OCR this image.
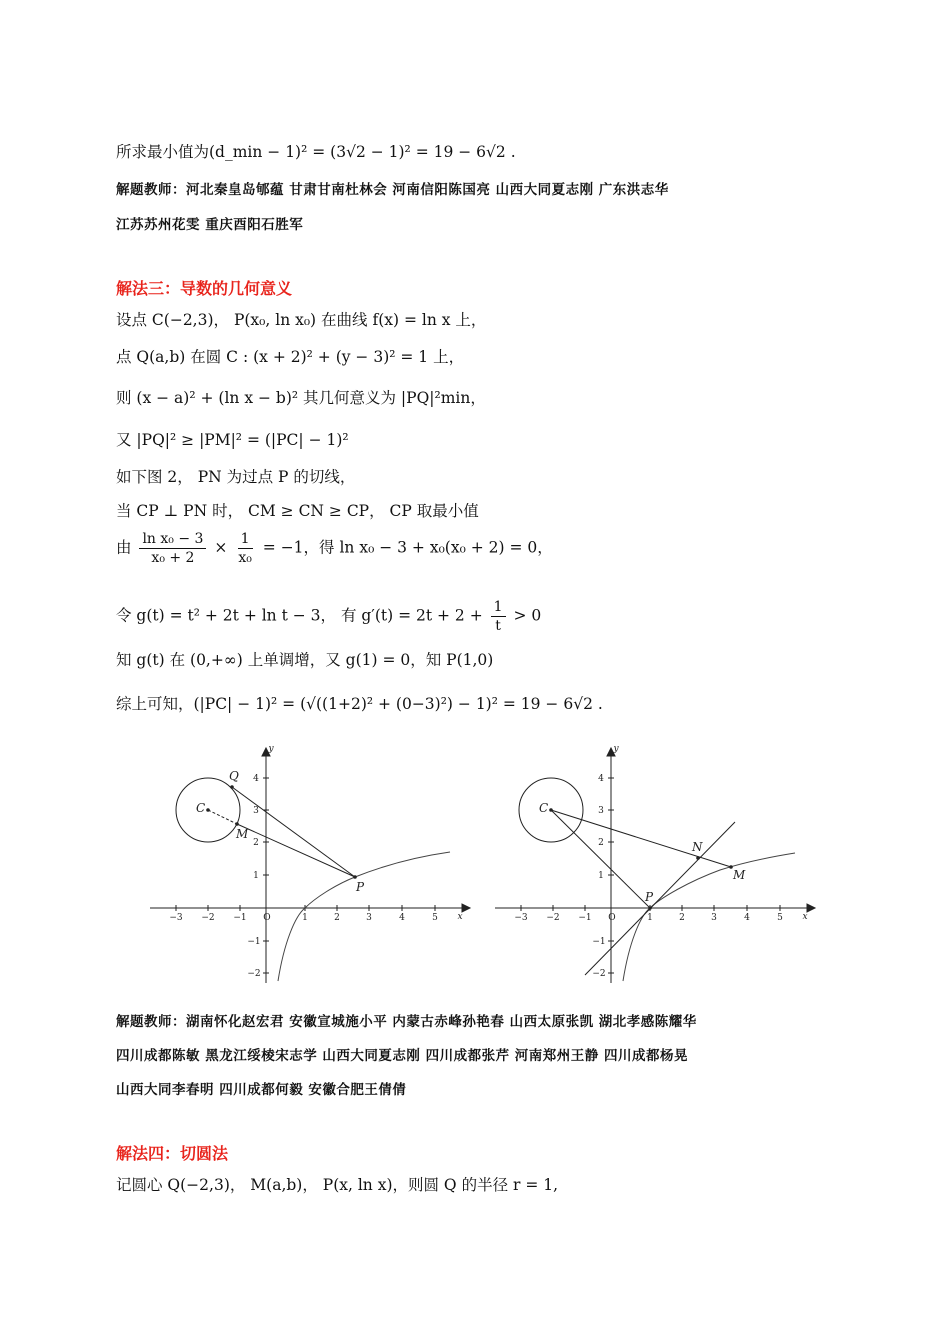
所求最小值为(d_min − 1)² = (3√2 − 1)² = 19 − 6√2 .
解题教师：河北秦皇岛郇蕴 甘肃甘南杜林会 河南信阳陈国亮 山西大同夏志刚 广东洪志华
江苏苏州花雯 重庆酉阳石胜军
解法三：导数的几何意义
设点 C(−2,3)， P(x₀, ln x₀) 在曲线 f(x) = ln x 上，
点 Q(a,b) 在圆 C : (x + 2)² + (y − 3)² = 1 上，
则 (x − a)² + (ln x − b)² 其几何意义为 |PQ|²min，
又 |PQ|² ≥ |PM|² = (|PC| − 1)²
如下图 2， PN 为过点 P 的切线，
当 CP ⊥ PN 时， CM ≥ CN ≥ CP， CP 取最小值
由 $\frac{\text{ln x₀ − 3}}{\text{x₀ + 2}} \times \frac{1}{\text{x₀}} = -1$，得 ln x₀ − 3 + x₀(x₀ + 2) = 0，
令 g(t) = t² + 2t + ln t − 3， 有 $g'(t) = 2t + 2 + \frac{1}{t} > 0$
知 g(t) 在 (0,+∞) 上单调增，又 g(1) = 0，知 P(1,0)
综上可知，(|PC| − 1)² = (√((1+2)² + (0−3)²) − 1)² = 19 − 6√2 .
−3 −2 −1	1	2	3	4	5
4
3
2
1
−1
−2
O	x
y
Q
C
M
P
−3 −2 −1	1	2	3	4	5
4
3
2
1
−1
−2
O	x
y
C
N
M
P
解题教师：湖南怀化赵宏君 安徽宣城施小平 内蒙古赤峰孙艳春 山西太原张凯 湖北孝感陈耀华
四川成都陈敏 黑龙江绥棱宋志学 山西大同夏志刚 四川成都张芹 河南郑州王静 四川成都杨晃
山西大同李春明 四川成都何毅 安徽合肥王倩倩
解法四：切圆法
记圆心 Q(−2,3)， M(a,b)， P(x, ln x)，则圆 Q 的半径 r = 1,
